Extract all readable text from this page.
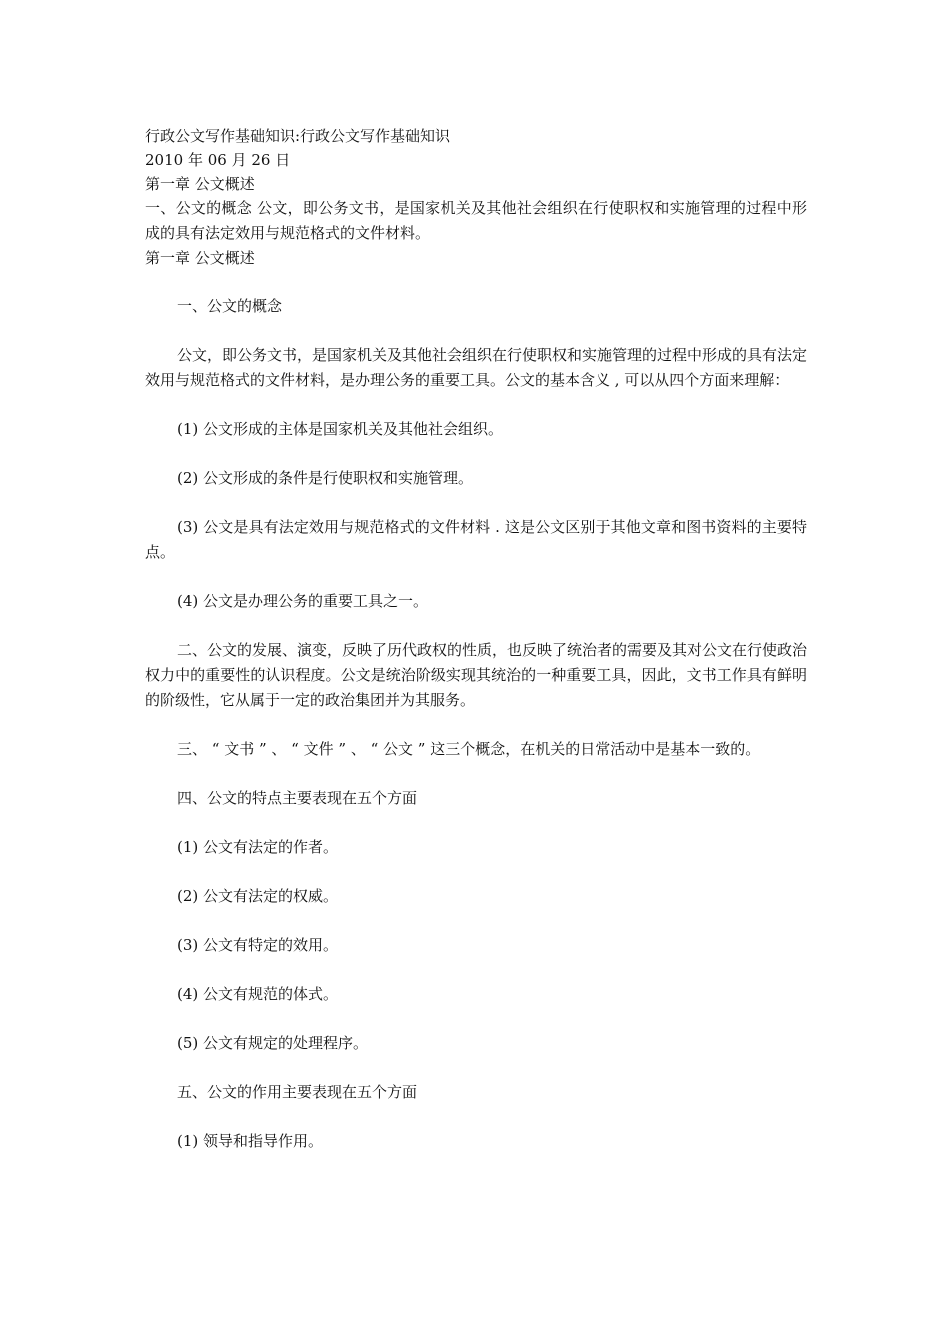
行政公文写作基础知识:行政公文写作基础知识

2010 年 06 月 26 日

第一章 公文概述

一、公文的概念 公文，即公务文书，是国家机关及其他社会组织在行使职权和实施管理的过程中形成的具有法定效用与规范格式的文件材料。

第一章 公文概述

一、公文的概念

公文，即公务文书，是国家机关及其他社会组织在行使职权和实施管理的过程中形成的具有法定效用与规范格式的文件材料，是办理公务的重要工具。公文的基本含义 , 可以从四个方面来理解：

(1) 公文形成的主体是国家机关及其他社会组织。

(2) 公文形成的条件是行使职权和实施管理。

(3) 公文是具有法定效用与规范格式的文件材料 . 这是公文区别于其他文章和图书资料的主要特点。

(4) 公文是办理公务的重要工具之一。

二、公文的发展、演变，反映了历代政权的性质，也反映了统治者的需要及其对公文在行使政治权力中的重要性的认识程度。公文是统治阶级实现其统治的一种重要工具，因此，文书工作具有鲜明的阶级性，它从属于一定的政治集团并为其服务。

三、 “ 文书 ” 、 “ 文件 ” 、 “ 公文 ” 这三个概念，在机关的日常活动中是基本一致的。

四、公文的特点主要表现在五个方面

(1) 公文有法定的作者。

(2) 公文有法定的权威。

(3) 公文有特定的效用。

(4) 公文有规范的体式。

(5) 公文有规定的处理程序。

五、公文的作用主要表现在五个方面

(1) 领导和指导作用。
